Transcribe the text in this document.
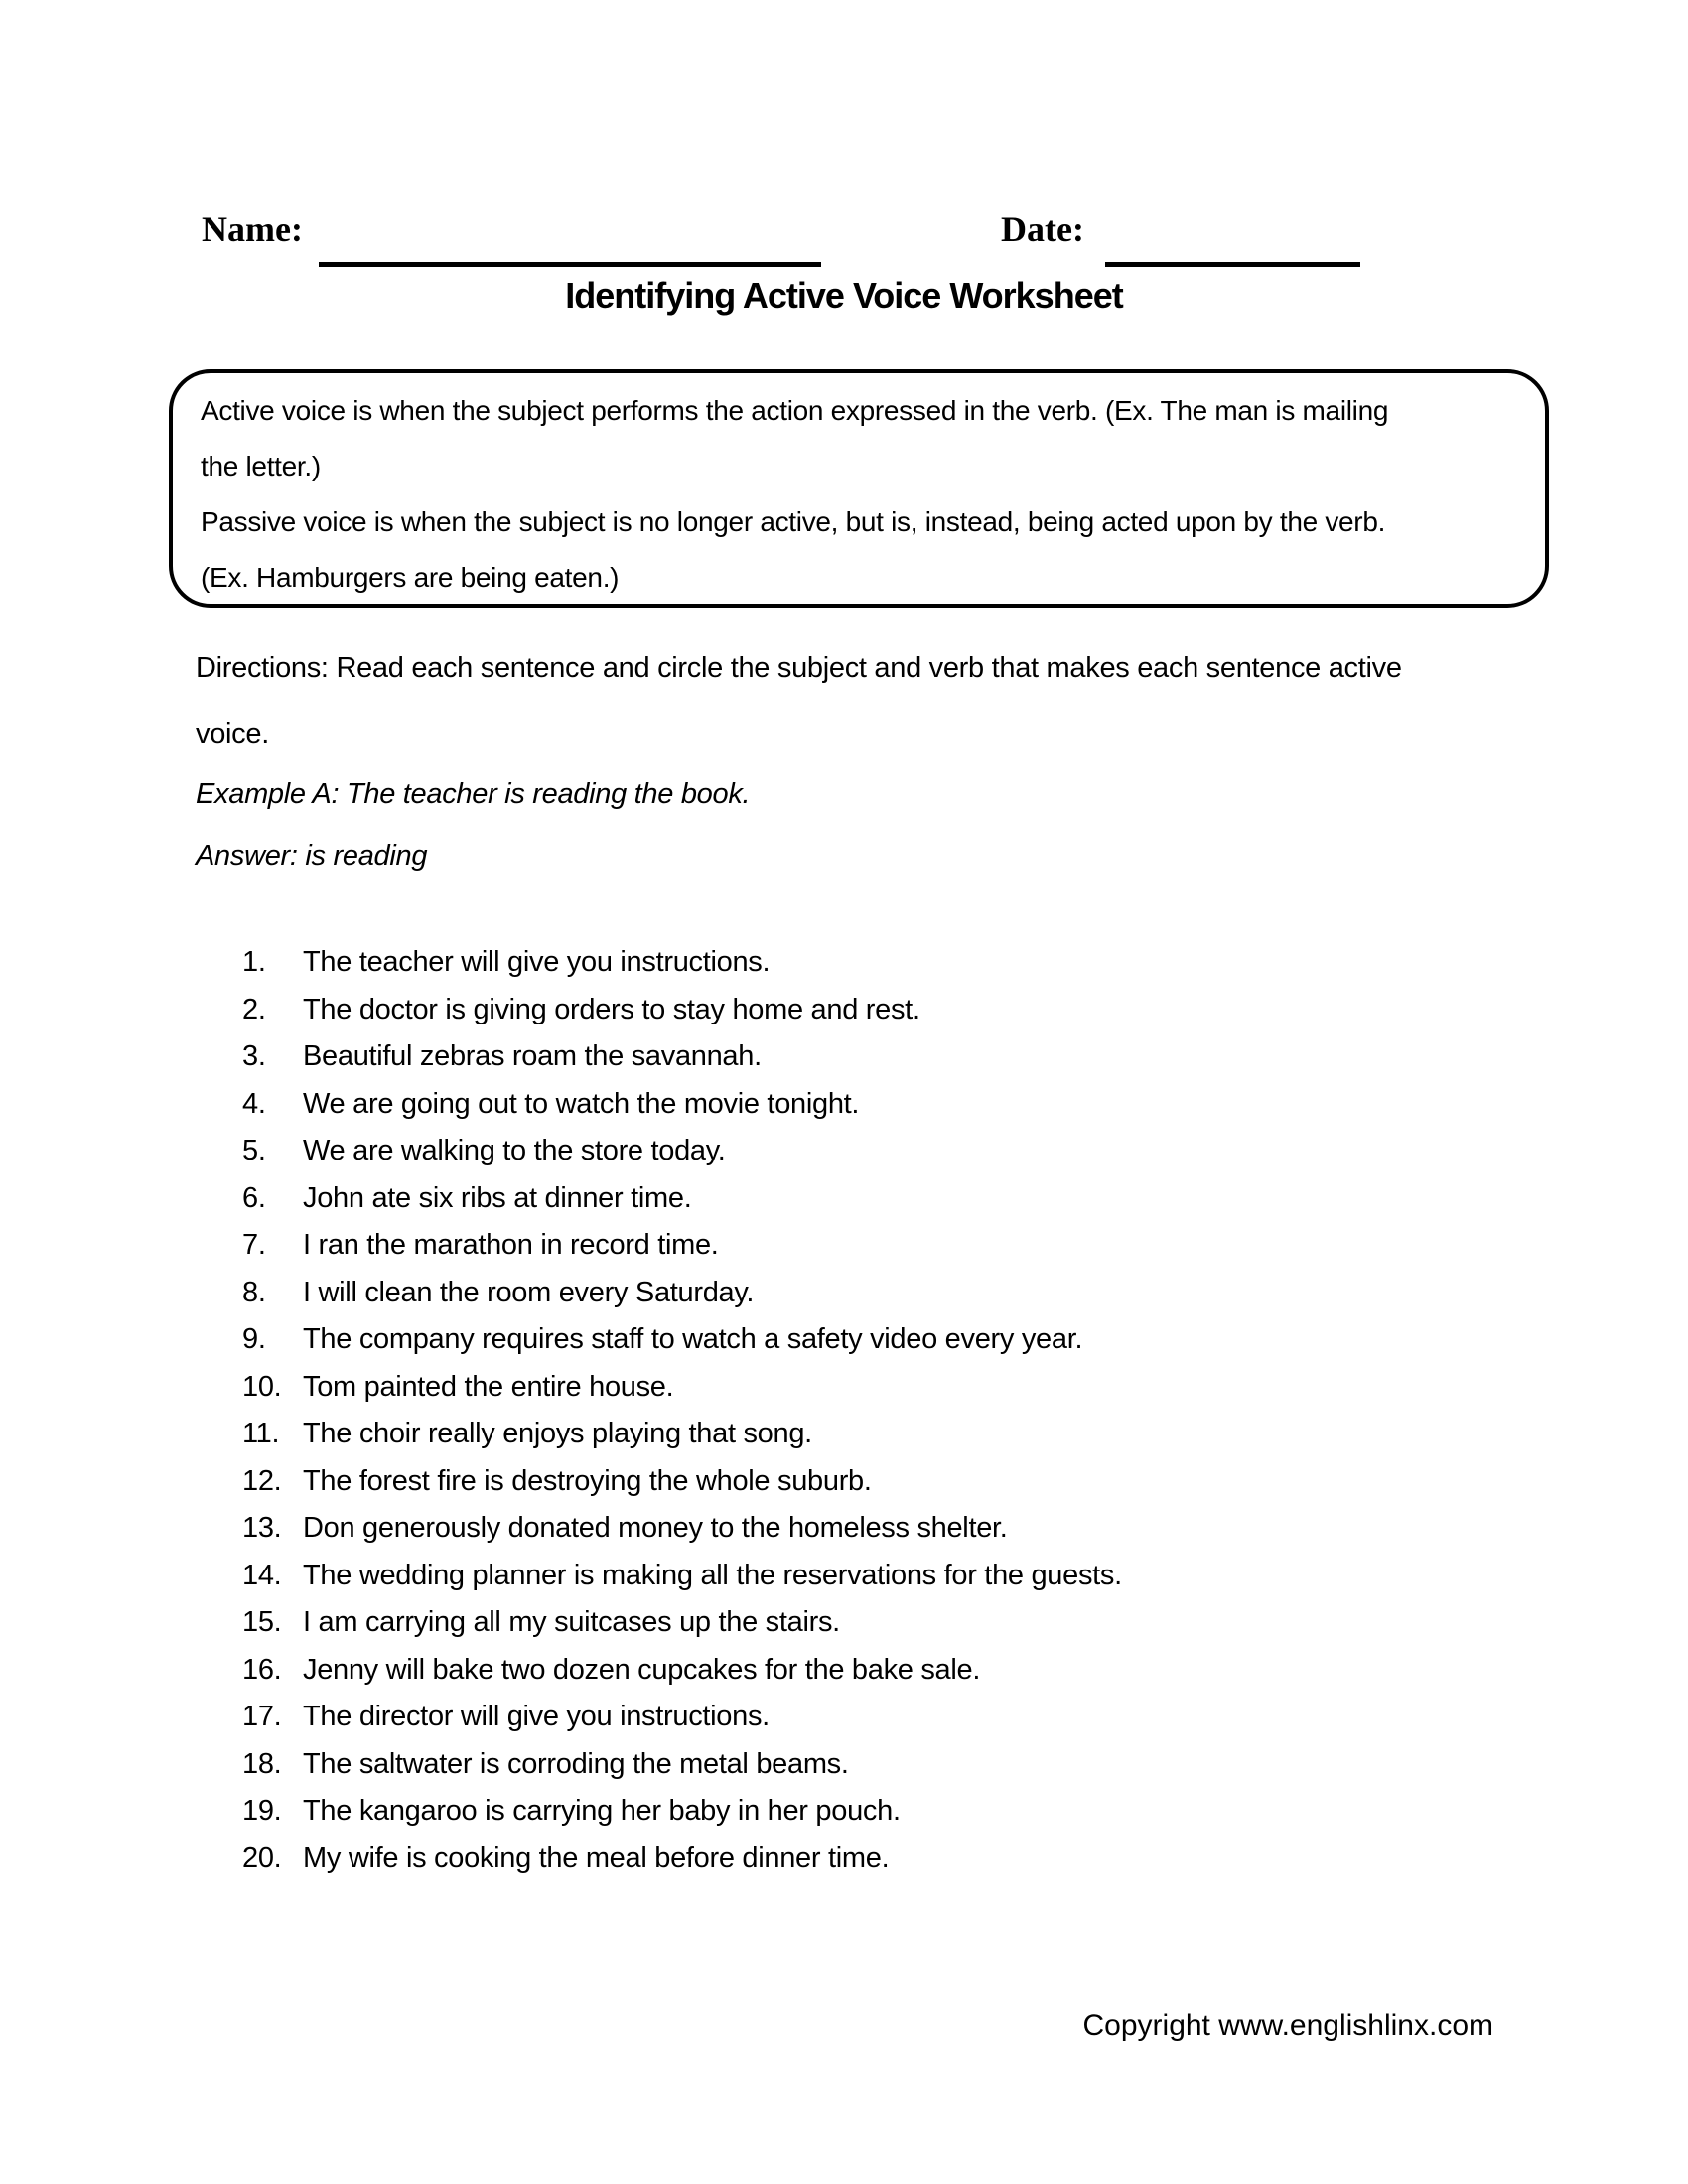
Name:	Date:
Identifying Active Voice Worksheet
Active voice is when the subject performs the action expressed in the verb. (Ex. The man is mailing
the letter.)
Passive voice is when the subject is no longer active, but is, instead, being acted upon by the verb.
(Ex. Hamburgers are being eaten.)
Directions: Read each sentence and circle the subject and verb that makes each sentence active
voice.
Example A: The teacher is reading the book.
Answer: is reading
The teacher will give you instructions.
The doctor is giving orders to stay home and rest.
Beautiful zebras roam the savannah.
We are going out to watch the movie tonight.
We are walking to the store today.
John ate six ribs at dinner time.
I ran the marathon in record time.
I will clean the room every Saturday.
The company requires staff to watch a safety video every year.
Tom painted the entire house.
The choir really enjoys playing that song.
The forest fire is destroying the whole suburb.
Don generously donated money to the homeless shelter.
The wedding planner is making all the reservations for the guests.
I am carrying all my suitcases up the stairs.
Jenny will bake two dozen cupcakes for the bake sale.
The director will give you instructions.
The saltwater is corroding the metal beams.
The kangaroo is carrying her baby in her pouch.
My wife is cooking the meal before dinner time.
Copyright www.englishlinx.com
